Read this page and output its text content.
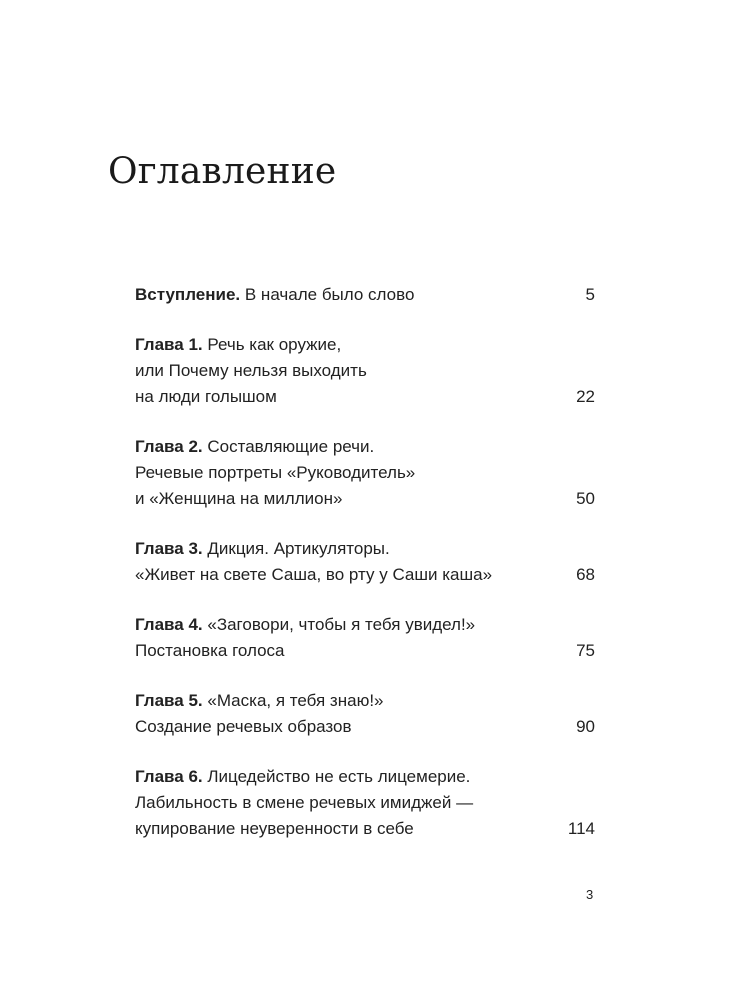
Оглавление
Вступление. В начале было слово	5
Глава 1. Речь как оружие,
или Почему нельзя выходить
на люди голышом	22
Глава 2. Составляющие речи.
Речевые портреты «Руководитель»
и «Женщина на миллион»	50
Глава 3. Дикция. Артикуляторы.
«Живет на свете Саша, во рту у Саши каша»	68
Глава 4. «Заговори, чтобы я тебя увидел!»
Постановка голоса	75
Глава 5. «Маска, я тебя знаю!»
Создание речевых образов	90
Глава 6. Лицедейство не есть лицемерие.
Лабильность в смене речевых имиджей —
купирование неуверенности в себе	114
3
